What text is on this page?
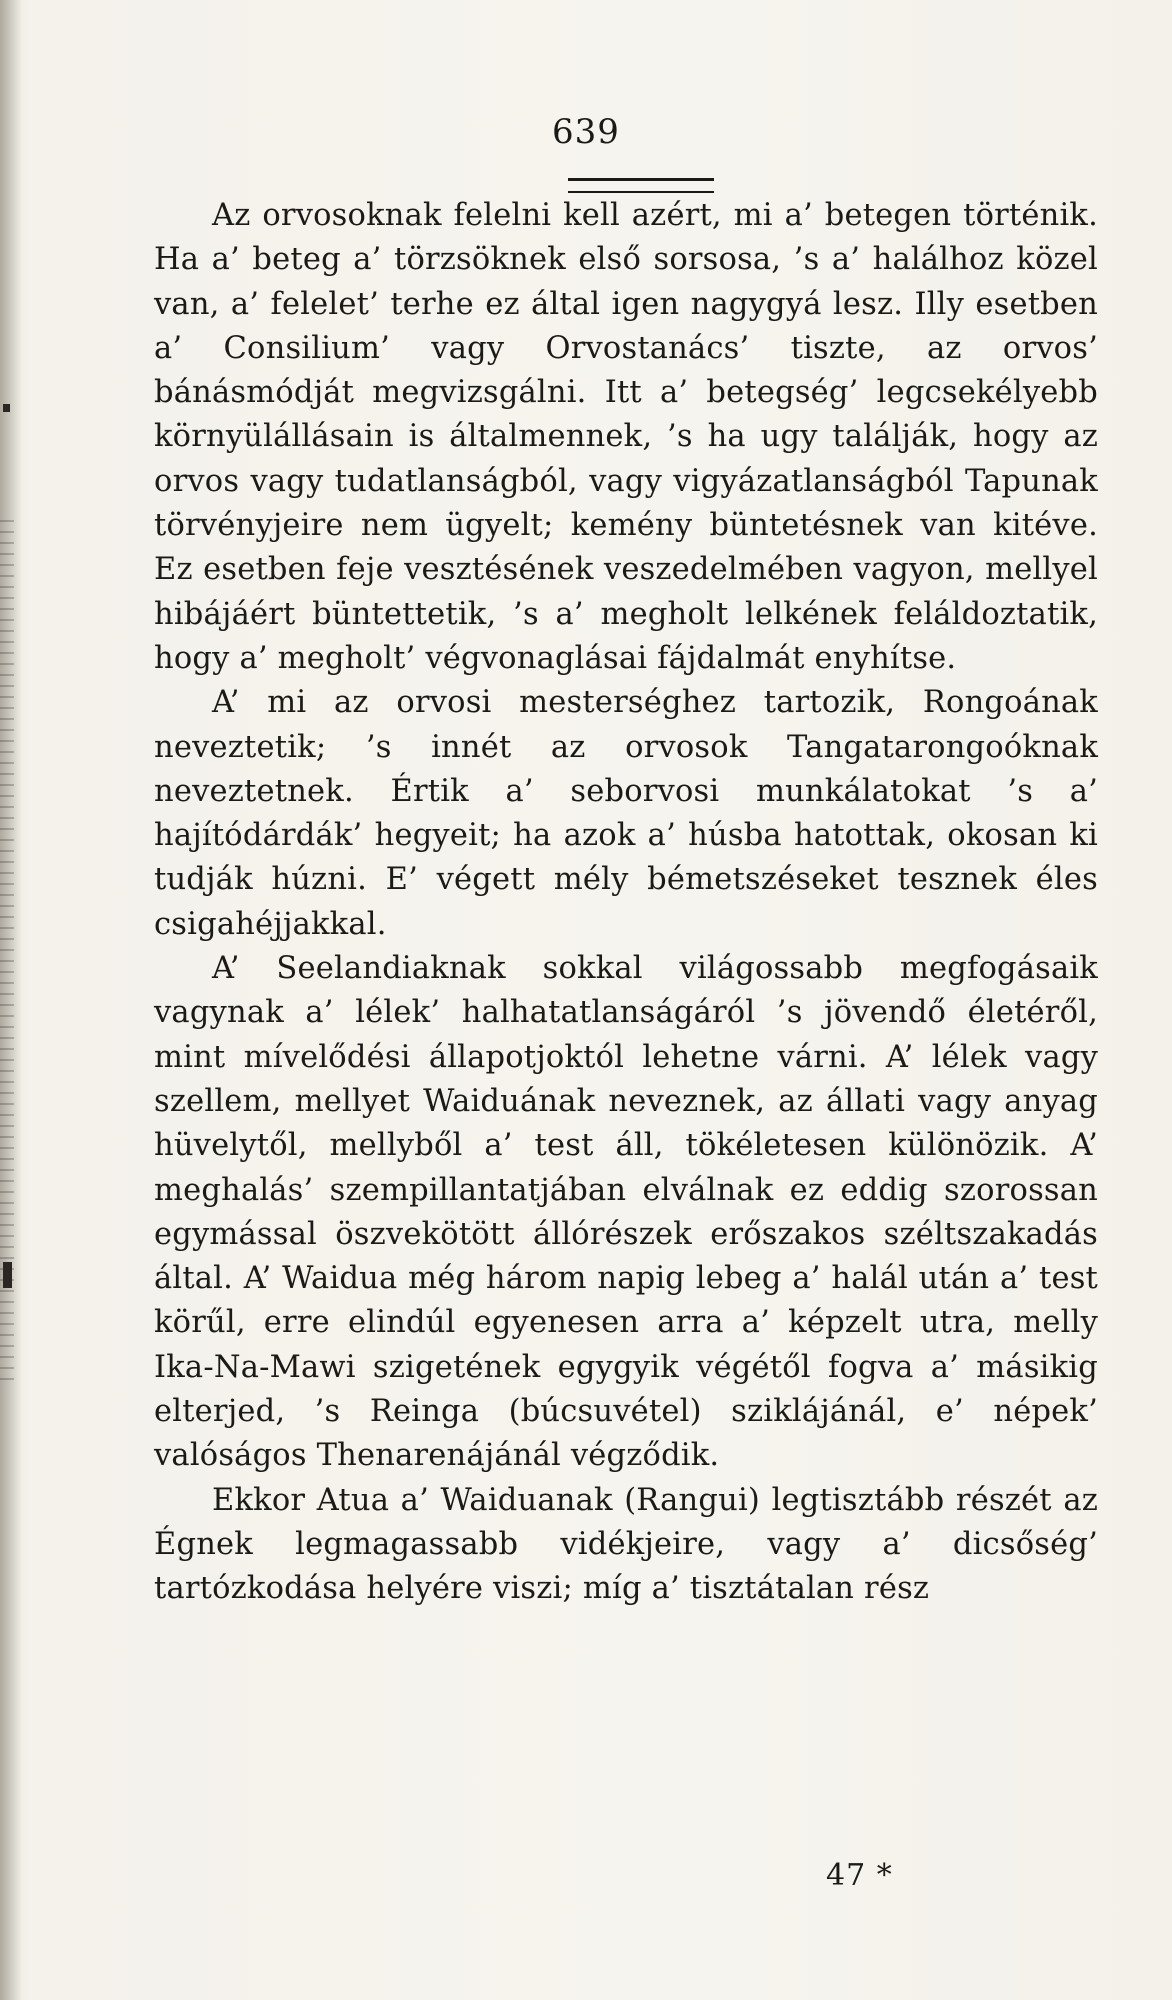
639

Az orvosoknak felelni kell azért, mi a’ betegen történik. Ha a’ beteg a’ törzsöknek első sorsosa, ’s a’ halálhoz közel van, a’ felelet’ terhe ez által igen nagygyá lesz. Illy esetben a’ Consilium’ vagy Orvostanács’ tiszte, az orvos’ bánásmódját megvizsgálni. Itt a’ betegség’ legcsekélyebb környülállásain is általmennek, ’s ha ugy találják, hogy az orvos vagy tudatlanságból, vagy vigyázatlanságból Tapunak törvényjeire nem ügyelt; kemény büntetésnek van kitéve. Ez esetben feje vesztésének veszedelmében vagyon, mellyel hibájáért büntettetik, ’s a’ megholt lelkének feláldoztatik, hogy a’ megholt’ végvonaglásai fájdalmát enyhítse.

A’ mi az orvosi mesterséghez tartozik, Rongoának neveztetik; ’s innét az orvosok Tangatarongoóknak neveztetnek. Értik a’ seborvosi munkálatokat ’s a’ hajítódárdák’ hegyeit; ha azok a’ húsba hatottak, okosan ki tudják húzni. E’ végett mély bémetszéseket tesznek éles csigahéjjakkal.

A’ Seelandiaknak sokkal világossabb megfogásaik vagynak a’ lélek’ halhatatlanságáról ’s jövendő életéről, mint mívelődési állapotjoktól lehetne várni. A’ lélek vagy szellem, mellyet Waiduának neveznek, az állati vagy anyag hüvelytől, mellyből a’ test áll, tökéletesen különözik. A’ meghalás’ szempillantatjában elválnak ez eddig szorossan egymással öszvekötött állórészek erőszakos széltszakadás által. A’ Waidua még három napig lebeg a’ halál után a’ test körűl, erre elindúl egyenesen arra a’ képzelt utra, melly Ika-Na-Mawi szigetének egygyik végétől fogva a’ másikig elterjed, ’s Reinga (búcsuvétel) sziklájánál, e’ népek’ valóságos Thenarenájánál végződik.

Ekkor Atua a’ Waiduanak (Rangui) legtisztább részét az Égnek legmagassabb vidékjeire, vagy a’ dicsőség’ tartózkodása helyére viszi; míg a’ tisztátalan rész

47 *
